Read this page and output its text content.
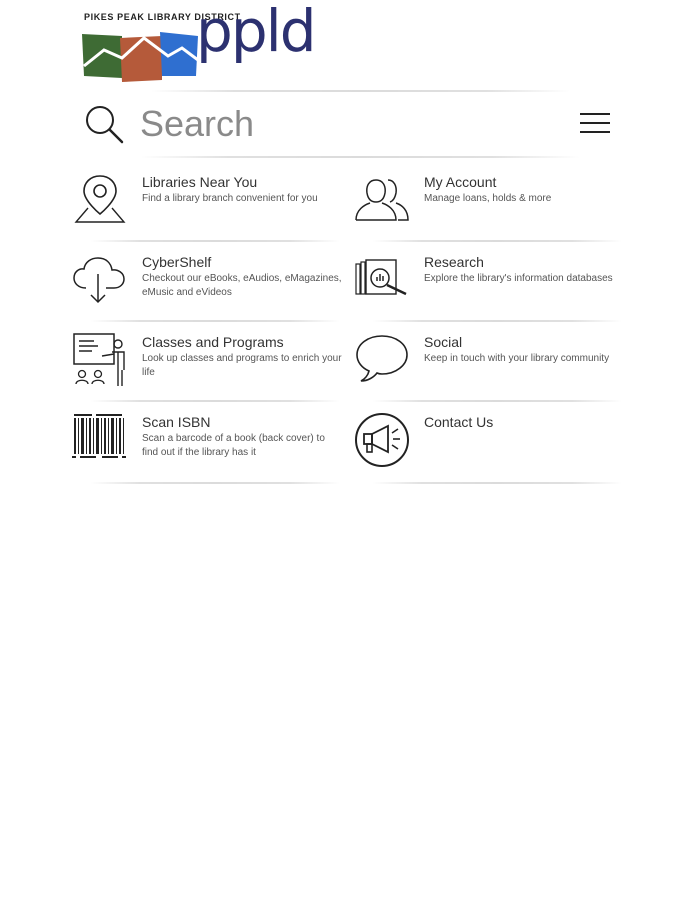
PIKES PEAK LIBRARY DISTRICT
ppld
Search
Libraries Near You
Find a library branch convenient for you
My Account
Manage loans, holds & more
CyberShelf
Checkout our eBooks, eAudios, eMagazines, eMusic and eVideos
Research
Explore the library's information databases
Classes and Programs
Look up classes and programs to enrich your life
Social
Keep in touch with your library community
Scan ISBN
Scan a barcode of a book (back cover) to find out if the library has it
Contact Us
